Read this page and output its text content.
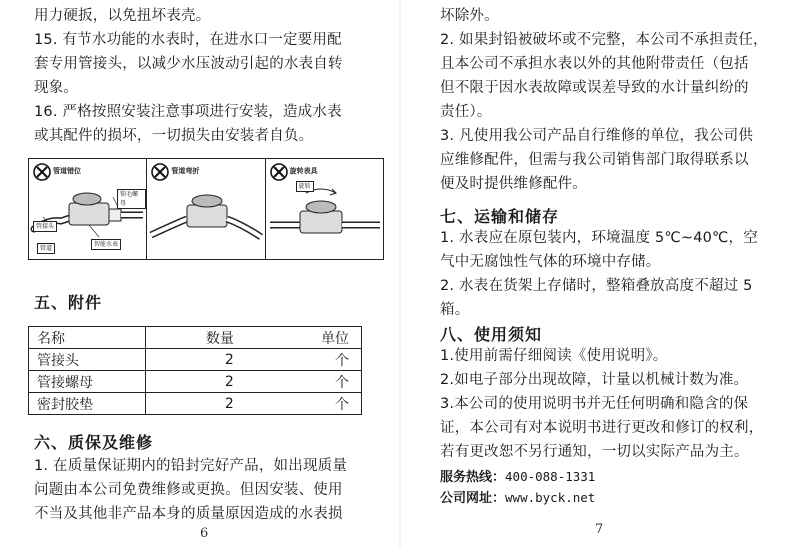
用力硬扳，以免扭坏表壳。
15. 有节水功能的水表时，在进水口一定要用配
套专用管接头，以减少水压波动引起的水表自转
现象。
16. 严格按照安装注意事项进行安装，造成水表
或其配件的损坏，一切损失由安装者自负。

管道错位
锁毛螺母
管接头
管道
智能水表
管道弯折	旋转表具
旋转
五、附件
名称	数量	单位
管接头	2	个
管接螺母	2	个
密封胶垫	2	个
六、质保及维修

1. 在质量保证期内的铅封完好产品，如出现质量
问题由本公司免费维修或更换。但因安装、使用
不当及其他非产品本身的质量原因造成的水表损

6

坏除外。
2. 如果封铅被破坏或不完整，本公司不承担责任，
且本公司不承担水表以外的其他附带责任（包括
但不限于因水表故障或误差导致的水计量纠纷的
责任）。
3. 凡使用我公司产品自行维修的单位，我公司供
应维修配件，但需与我公司销售部门取得联系以
便及时提供维修配件。

七、运输和储存

1. 水表应在原包装内，环境温度 5℃~40℃，空
气中无腐蚀性气体的环境中存储。
2. 水表在货架上存储时，整箱叠放高度不超过 5
箱。

八、使用须知

1.使用前需仔细阅读《使用说明》。
2.如电子部分出现故障，计量以机械计数为准。
3.本公司的使用说明书并无任何明确和隐含的保
证，本公司有对本说明书进行更改和修订的权利，
若有更改恕不另行通知，一切以实际产品为主。

服务热线：400-088-1331
公司网址：www.byck.net
7
